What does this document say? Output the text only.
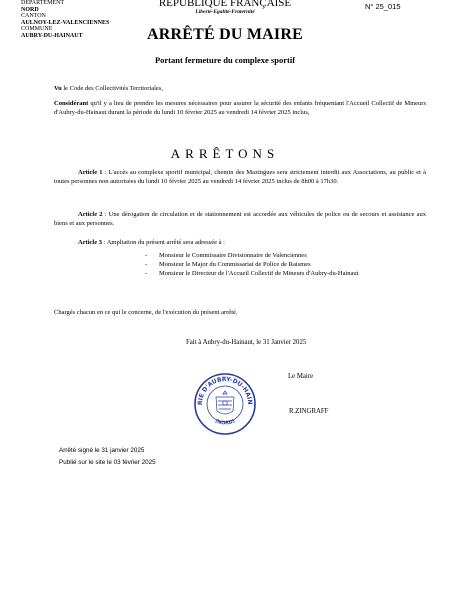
DEPARTEMENT
NORD
CANTON
AULNOY-LEZ-VALENCIENNES
COMMUNE
AUBRY-DU-HAINAUT
REPUBLIQUE FRANÇAISE
Liberté-Egalité-Fraternité
N° 25_015
ARRÊTÉ DU MAIRE
Portant fermeture du complexe sportif
Vu le Code des Collectivités Territoriales,
Considérant qu'il y a lieu de prendre les mesures nécessaires pour assurer la sécurité des enfants fréquentant l'Accueil Collectif de Mineurs d'Aubry-du-Hainaut durant la période du lundi 10 février 2025 au vendredi 14 février 2025 inclus,
ARRÊTONS
Article 1 : L'accès au complexe sportif municipal, chemin des Mazingues sera strictement interdit aux Associations, au public et à toutes personnes non autorisées du lundi 10 février 2025 au vendredi 14 février 2025 inclus de 8h00 à 17h30.
Article 2 : Une dérogation de circulation et de stationnement est accordée aux véhicules de police ou de secours et assistance aux biens et aux personnes.
Article 3 : Ampliation du présent arrêté sera adressée à :
-	Monsieur le Commissaire Divisionnaire de Valenciennes
-	Monsieur le Major du Commissariat de Police de Raismes
-	Monsieur le Directeur de l'Accueil Collectif de Mineurs d'Aubry-du-Hainaut
Chargés chacun en ce qui le concerne, de l'exécution du présent arrêté.
Fait à Aubry-du-Hainaut, le 31 Janvier 2025
Le Maire
RIE D'AUBRY-DU-HAIN
(NORD)
R.ZINGRAFF
Arrêté signé le 31 janvier 2025
Publié sur le site le 03 février 2025
